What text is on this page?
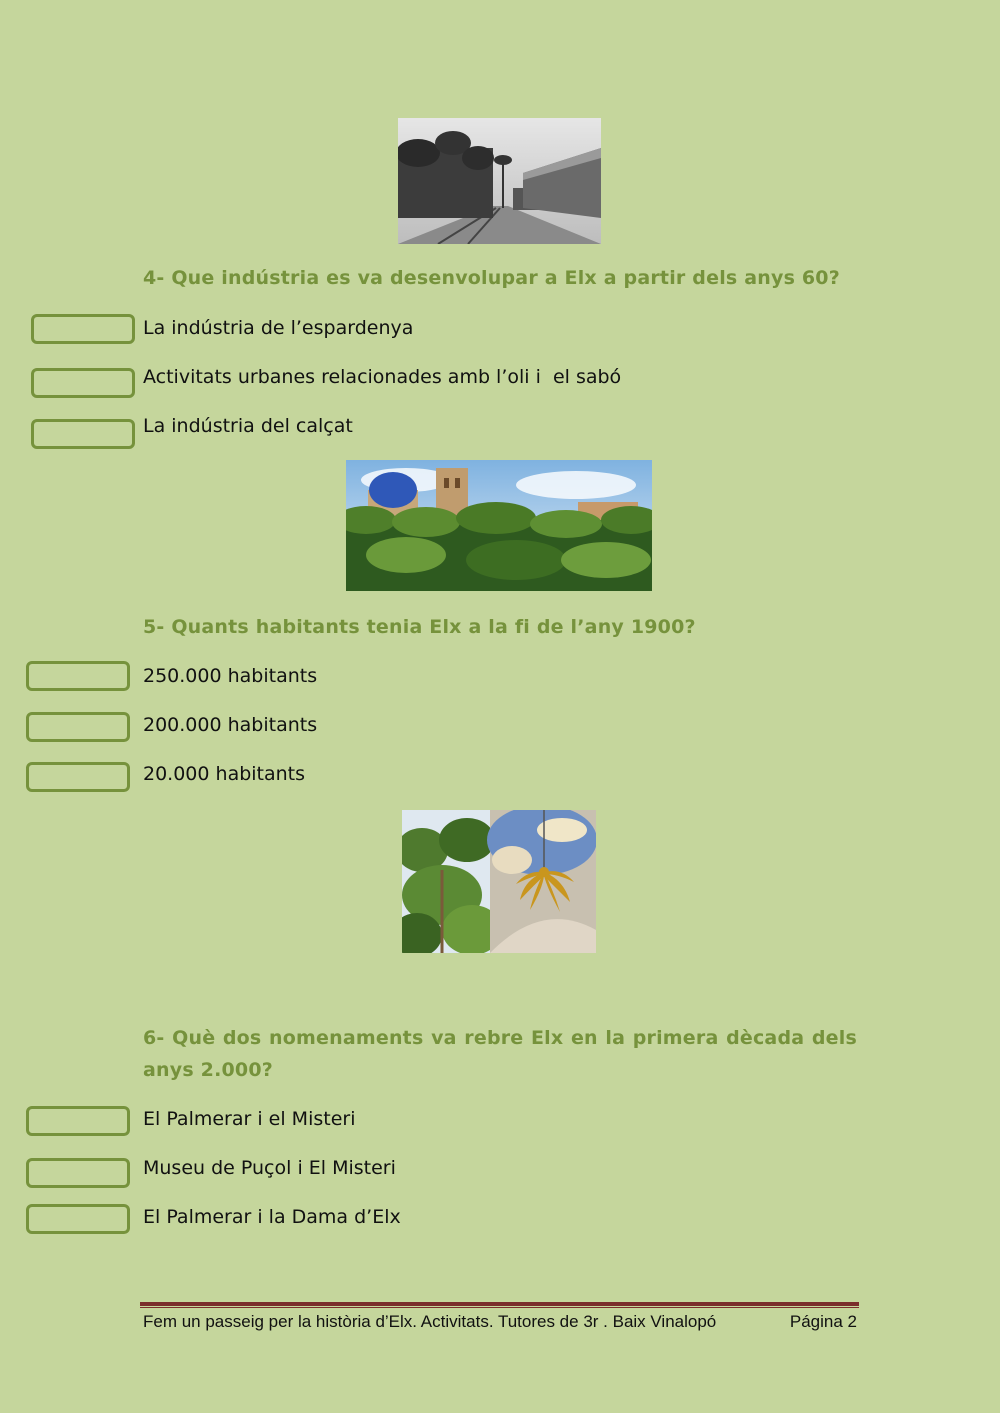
4- Que indústria es va desenvolupar a Elx a partir dels anys 60?
La indústria de l’espardenya
Activitats urbanes relacionades amb l’oli i  el sabó
La indústria del calçat
5- Quants habitants tenia Elx a la fi de l’any 1900?
250.000 habitants
200.000 habitants
20.000 habitants
6- Què dos nomenaments va rebre Elx en la primera dècada dels anys 2.000?
El Palmerar i el Misteri
Museu de Puçol i El Misteri
El Palmerar i la Dama d’Elx
Fem un passeig per la història d’Elx. Activitats. Tutores de 3r . Baix Vinalopó	Página 2
